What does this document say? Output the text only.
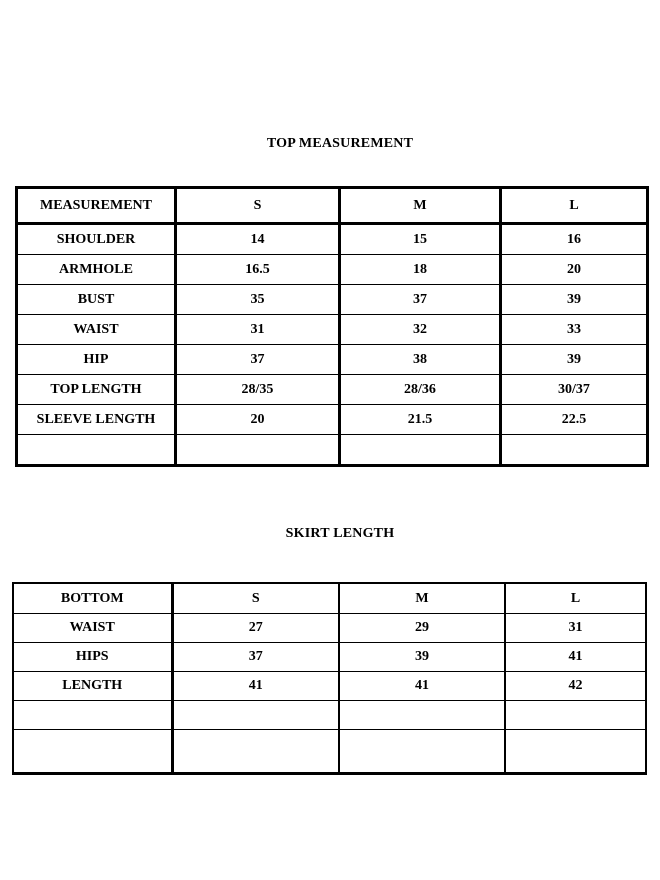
TOP MEASUREMENT
MEASUREMENT	S	M	L
SHOULDER	14	15	16
ARMHOLE	16.5	18	20
BUST	35	37	39
WAIST	31	32	33
HIP	37	38	39
TOP LENGTH	28/35	28/36	30/37
SLEEVE LENGTH	20	21.5	22.5

SKIRT LENGTH
BOTTOM	S	M	L
WAIST	27	29	31
HIPS	37	39	41
LENGTH	41	41	42
